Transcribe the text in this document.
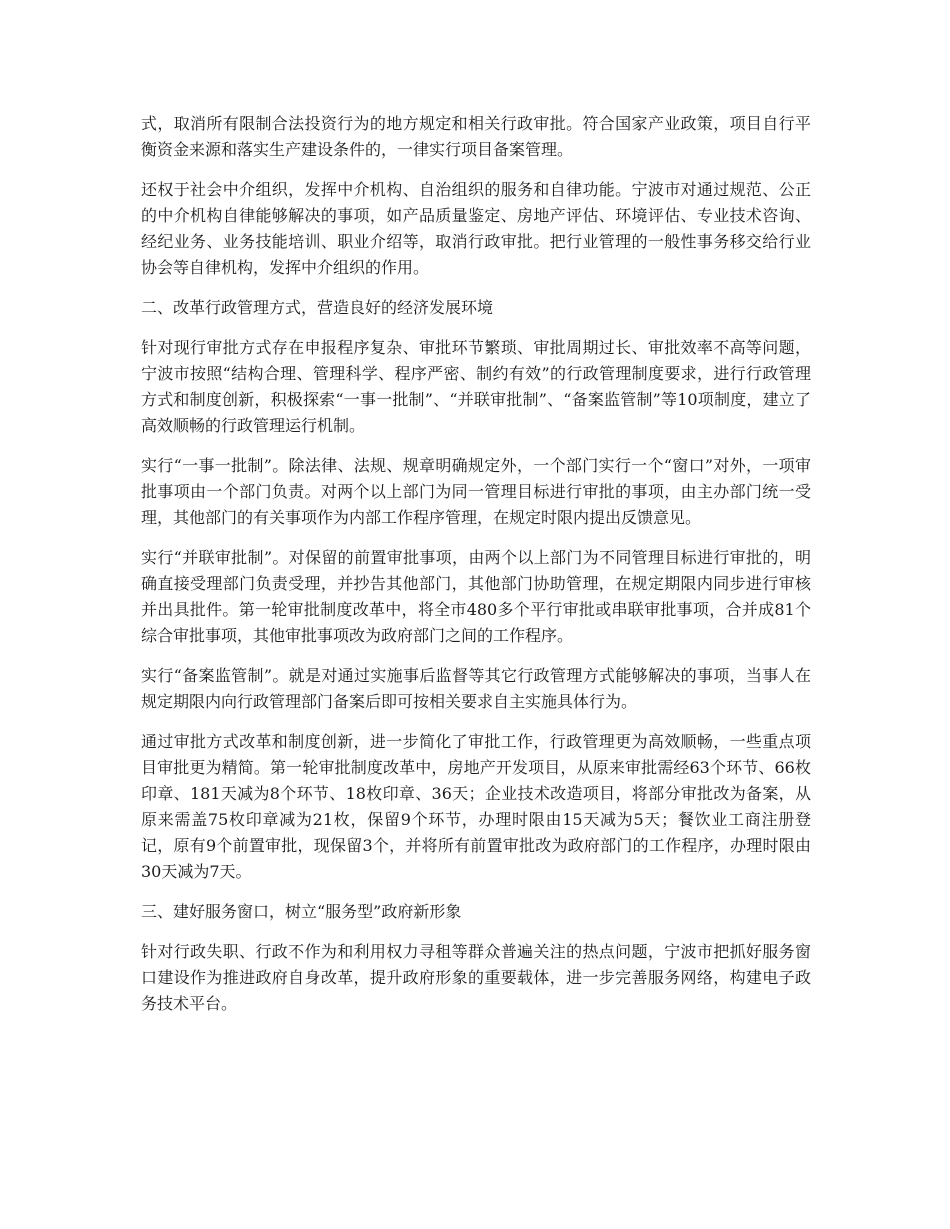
式，取消所有限制合法投资行为的地方规定和相关行政审批。符合国家产业政策，项目自行平衡资金来源和落实生产建设条件的，一律实行项目备案管理。

还权于社会中介组织，发挥中介机构、自治组织的服务和自律功能。宁波市对通过规范、公正的中介机构自律能够解决的事项，如产品质量鉴定、房地产评估、环境评估、专业技术咨询、经纪业务、业务技能培训、职业介绍等，取消行政审批。把行业管理的一般性事务移交给行业协会等自律机构，发挥中介组织的作用。

二、改革行政管理方式，营造良好的经济发展环境

针对现行审批方式存在申报程序复杂、审批环节繁琐、审批周期过长、审批效率不高等问题，宁波市按照“结构合理、管理科学、程序严密、制约有效”的行政管理制度要求，进行行政管理方式和制度创新，积极探索“一事一批制”、“并联审批制”、“备案监管制”等10项制度，建立了高效顺畅的行政管理运行机制。

实行“一事一批制”。除法律、法规、规章明确规定外，一个部门实行一个“窗口”对外，一项审批事项由一个部门负责。对两个以上部门为同一管理目标进行审批的事项，由主办部门统一受理，其他部门的有关事项作为内部工作程序管理，在规定时限内提出反馈意见。

实行“并联审批制”。对保留的前置审批事项，由两个以上部门为不同管理目标进行审批的，明确直接受理部门负责受理，并抄告其他部门，其他部门协助管理，在规定期限内同步进行审核并出具批件。第一轮审批制度改革中，将全市480多个平行审批或串联审批事项，合并成81个综合审批事项，其他审批事项改为政府部门之间的工作程序。

实行“备案监管制”。就是对通过实施事后监督等其它行政管理方式能够解决的事项，当事人在规定期限内向行政管理部门备案后即可按相关要求自主实施具体行为。

通过审批方式改革和制度创新，进一步简化了审批工作，行政管理更为高效顺畅，一些重点项目审批更为精简。第一轮审批制度改革中，房地产开发项目，从原来审批需经63个环节、66枚印章、181天减为8个环节、18枚印章、36天；企业技术改造项目，将部分审批改为备案，从原来需盖75枚印章减为21枚，保留9个环节，办理时限由15天减为5天；餐饮业工商注册登记，原有9个前置审批，现保留3个，并将所有前置审批改为政府部门的工作程序，办理时限由30天减为7天。

三、建好服务窗口，树立“服务型”政府新形象

针对行政失职、行政不作为和利用权力寻租等群众普遍关注的热点问题，宁波市把抓好服务窗口建设作为推进政府自身改革，提升政府形象的重要载体，进一步完善服务网络，构建电子政务技术平台。
